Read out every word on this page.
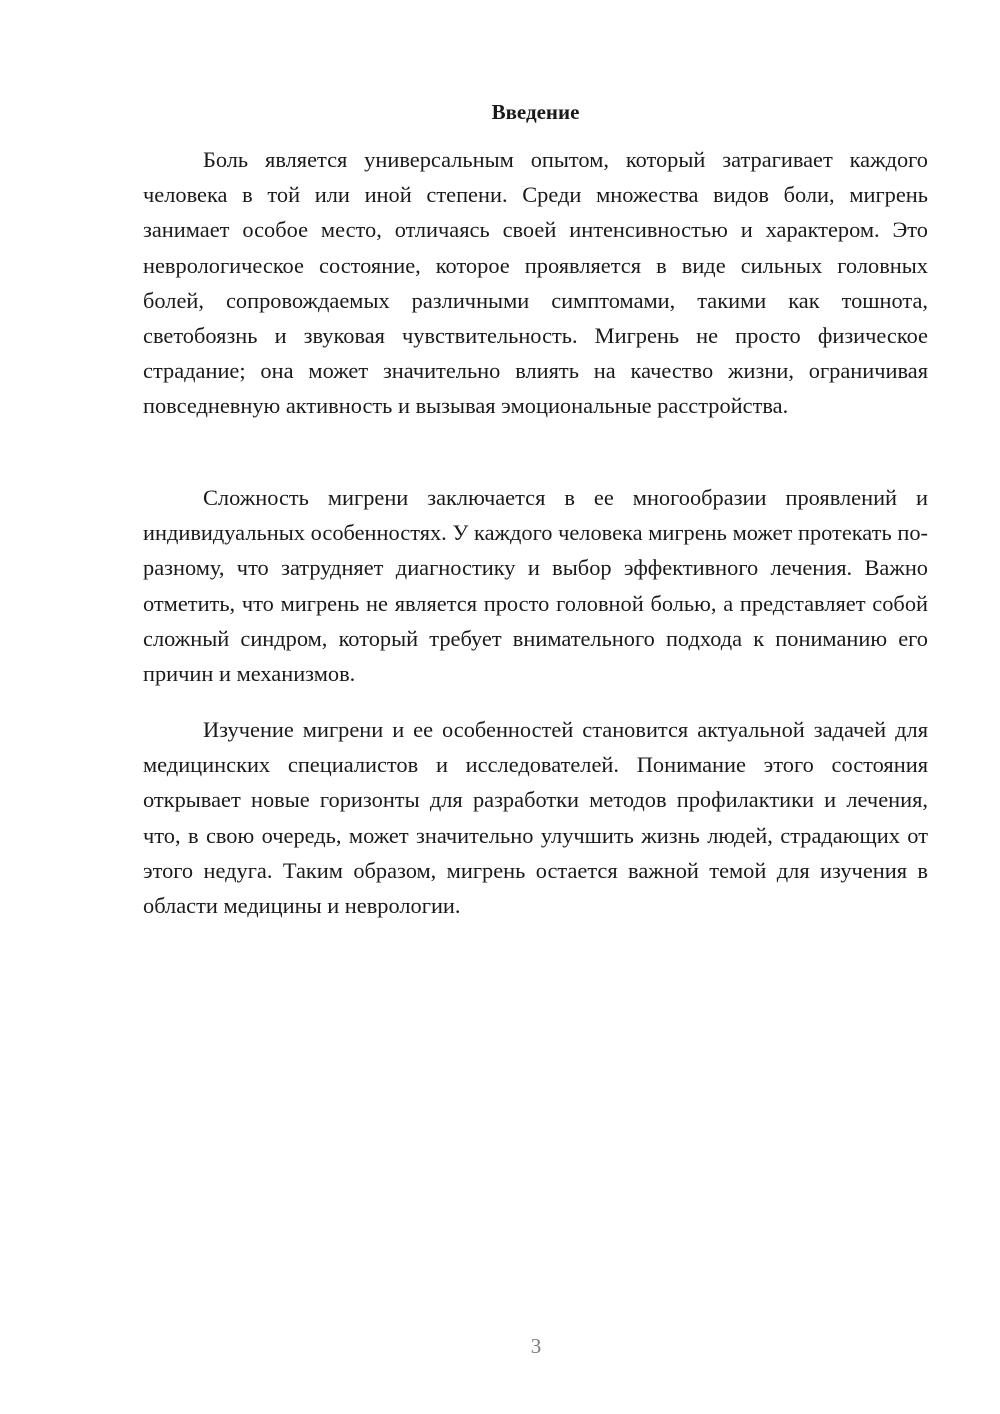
Введение

Боль является универсальным опытом, который затрагивает каждого человека в той или иной степени. Среди множества видов боли, мигрень занимает особое место, отличаясь своей интенсивностью и характером. Это неврологическое состояние, которое проявляется в виде сильных головных болей, сопровождаемых различными симптомами, такими как тошнота, светобоязнь и звуковая чувствительность. Мигрень не просто физическое страдание; она может значительно влиять на качество жизни, ограничивая повседневную активность и вызывая эмоциональные расстройства.

Сложность мигрени заключается в ее многообразии проявлений и индивидуальных особенностях. У каждого человека мигрень может протекать по-разному, что затрудняет диагностику и выбор эффективного лечения. Важно отметить, что мигрень не является просто головной болью, а представляет собой сложный синдром, который требует внимательного подхода к пониманию его причин и механизмов.

Изучение мигрени и ее особенностей становится актуальной задачей для медицинских специалистов и исследователей. Понимание этого состояния открывает новые горизонты для разработки методов профилактики и лечения, что, в свою очередь, может значительно улучшить жизнь людей, страдающих от этого недуга. Таким образом, мигрень остается важной темой для изучения в области медицины и неврологии.

3
